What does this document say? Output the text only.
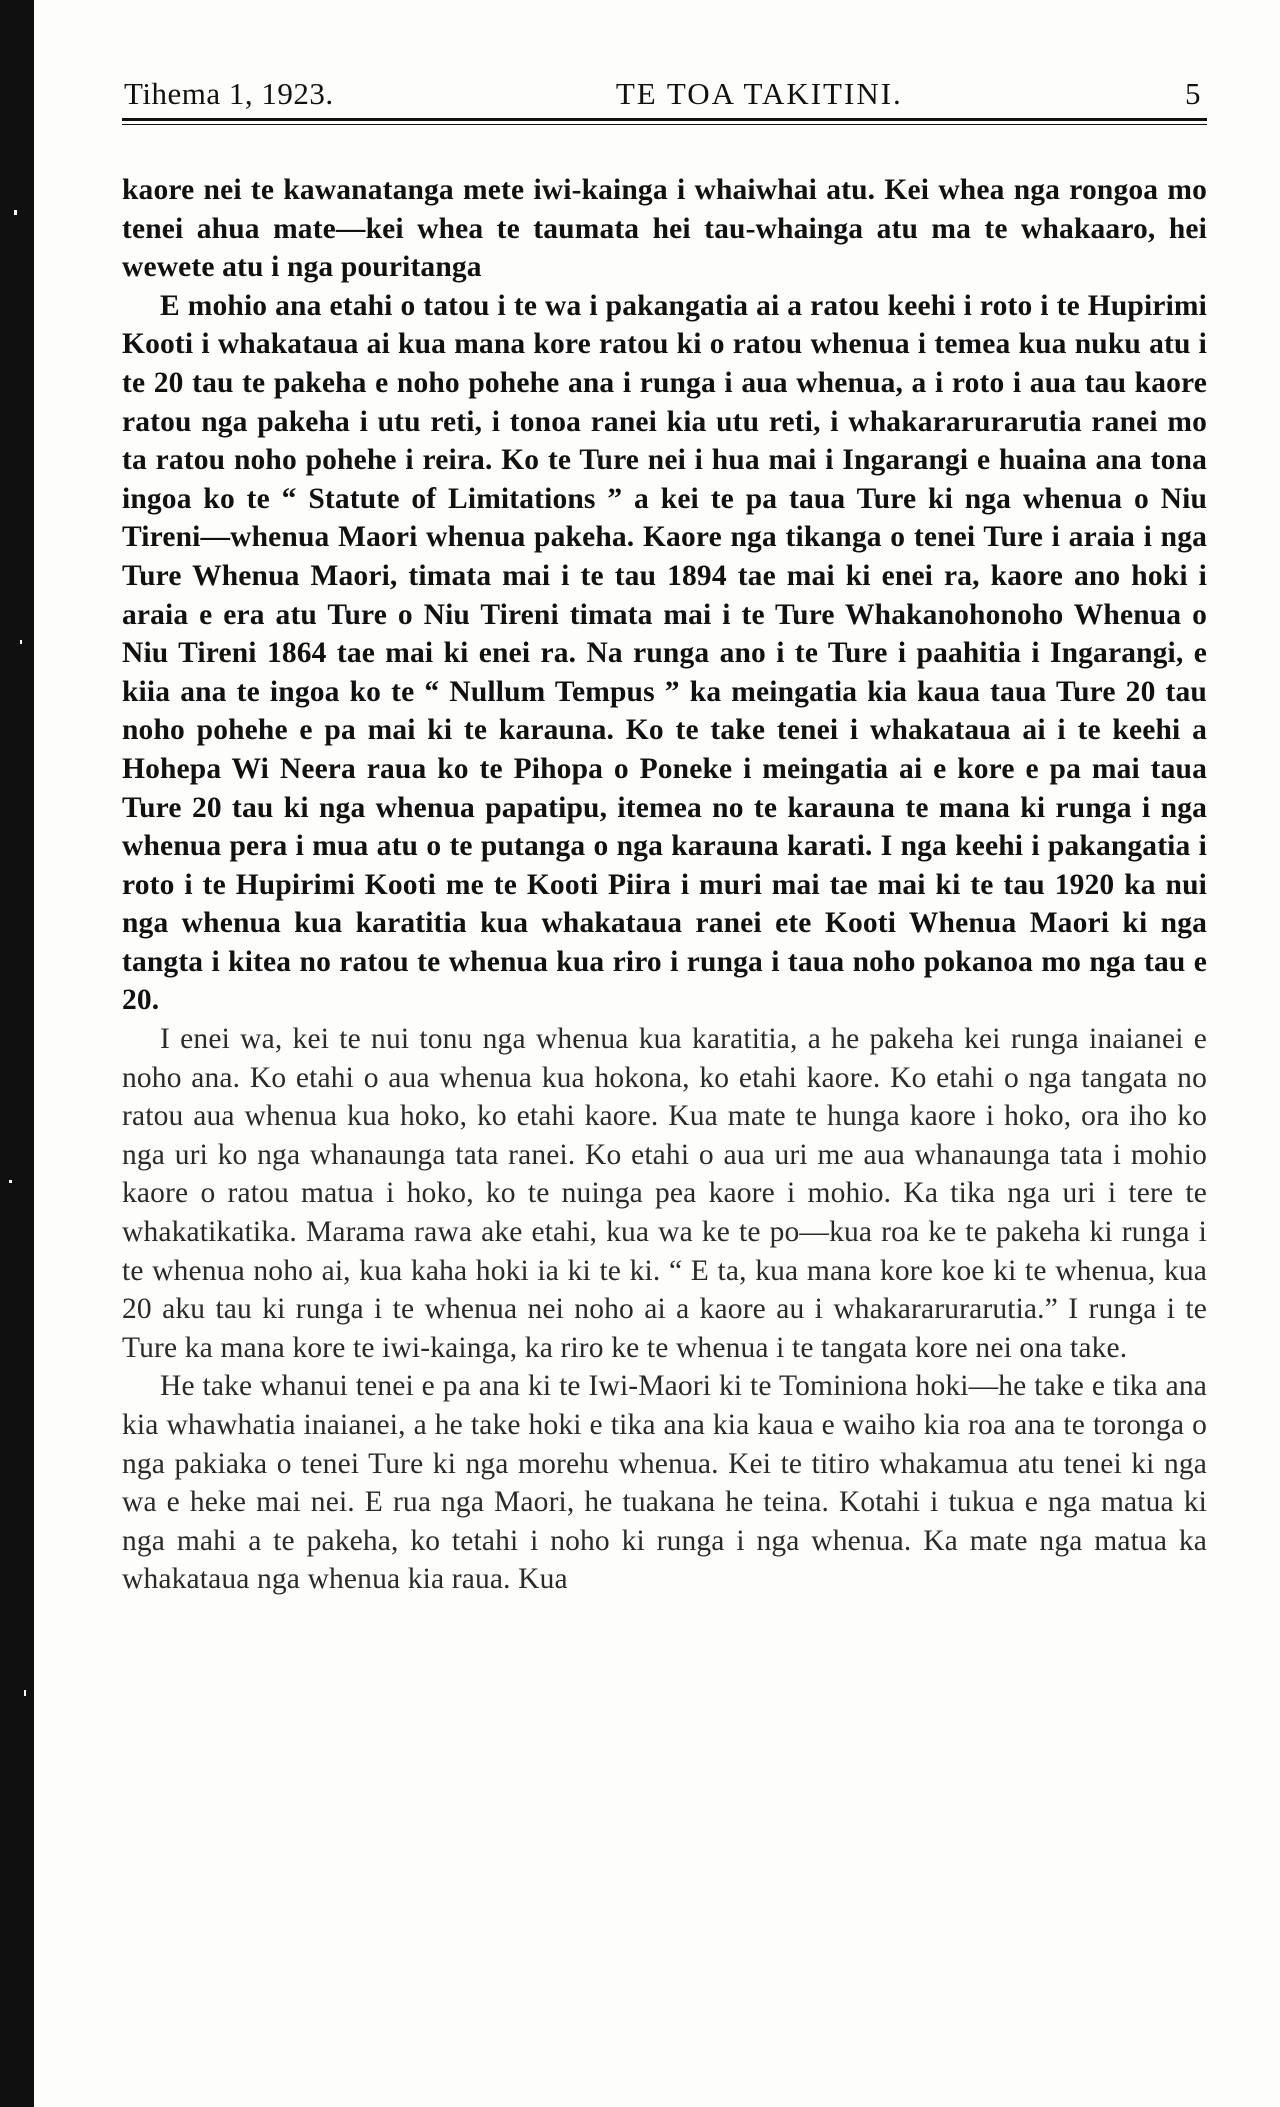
Tihema 1, 1923.	TE TOA TAKITINI.	5

kaore nei te kawanatanga mete iwi-kainga i whaiwhai atu. Kei whea nga rongoa mo tenei ahua mate—kei whea te taumata hei tau-whainga atu ma te whakaaro, hei wewete atu i nga pouritanga

E mohio ana etahi o tatou i te wa i pakangatia ai a ratou keehi i roto i te Hupirimi Kooti i whakataua ai kua mana kore ratou ki o ratou whenua i temea kua nuku atu i te 20 tau te pakeha e noho pohehe ana i runga i aua whenua, a i roto i aua tau kaore ratou nga pakeha i utu reti, i tonoa ranei kia utu reti, i whakararurarutia ranei mo ta ratou noho pohehe i reira. Ko te Ture nei i hua mai i Ingarangi e huaina ana tona ingoa ko te “ Statute of Limitations ” a kei te pa taua Ture ki nga whenua o Niu Tireni—whenua Maori whenua pakeha. Kaore nga tikanga o tenei Ture i araia i nga Ture Whenua Maori, timata mai i te tau 1894 tae mai ki enei ra, kaore ano hoki i araia e era atu Ture o Niu Tireni timata mai i te Ture Whakanohonoho Whenua o Niu Tireni 1864 tae mai ki enei ra. Na runga ano i te Ture i paahitia i Ingarangi, e kiia ana te ingoa ko te “ Nullum Tempus ” ka meingatia kia kaua taua Ture 20 tau noho pohehe e pa mai ki te karauna. Ko te take tenei i whakataua ai i te keehi a Hohepa Wi Neera raua ko te Pihopa o Poneke i meingatia ai e kore e pa mai taua Ture 20 tau ki nga whenua papatipu, itemea no te karauna te mana ki runga i nga whenua pera i mua atu o te putanga o nga karauna karati. I nga keehi i pakangatia i roto i te Hupirimi Kooti me te Kooti Piira i muri mai tae mai ki te tau 1920 ka nui nga whenua kua karatitia kua whakataua ranei ete Kooti Whenua Maori ki nga tangta i kitea no ratou te whenua kua riro i runga i taua noho pokanoa mo nga tau e 20.

I enei wa, kei te nui tonu nga whenua kua karatitia, a he pakeha kei runga inaianei e noho ana. Ko etahi o aua whenua kua hokona, ko etahi kaore. Ko etahi o nga tangata no ratou aua whenua kua hoko, ko etahi kaore. Kua mate te hunga kaore i hoko, ora iho ko nga uri ko nga whanaunga tata ranei. Ko etahi o aua uri me aua whanaunga tata i mohio kaore o ratou matua i hoko, ko te nuinga pea kaore i mohio. Ka tika nga uri i tere te whakatikatika. Marama rawa ake etahi, kua wa ke te po—kua roa ke te pakeha ki runga i te whenua noho ai, kua kaha hoki ia ki te ki. “ E ta, kua mana kore koe ki te whenua, kua 20 aku tau ki runga i te whenua nei noho ai a kaore au i whakararurarutia.” I runga i te Ture ka mana kore te iwi-kainga, ka riro ke te whenua i te tangata kore nei ona take.

He take whanui tenei e pa ana ki te Iwi-Maori ki te Tominiona hoki—he take e tika ana kia whawhatia inaianei, a he take hoki e tika ana kia kaua e waiho kia roa ana te toronga o nga pakiaka o tenei Ture ki nga morehu whenua. Kei te titiro whakamua atu tenei ki nga wa e heke mai nei. E rua nga Maori, he tuakana he teina. Kotahi i tukua e nga matua ki nga mahi a te pakeha, ko tetahi i noho ki runga i nga whenua. Ka mate nga matua ka whakataua nga whenua kia raua. Kua
